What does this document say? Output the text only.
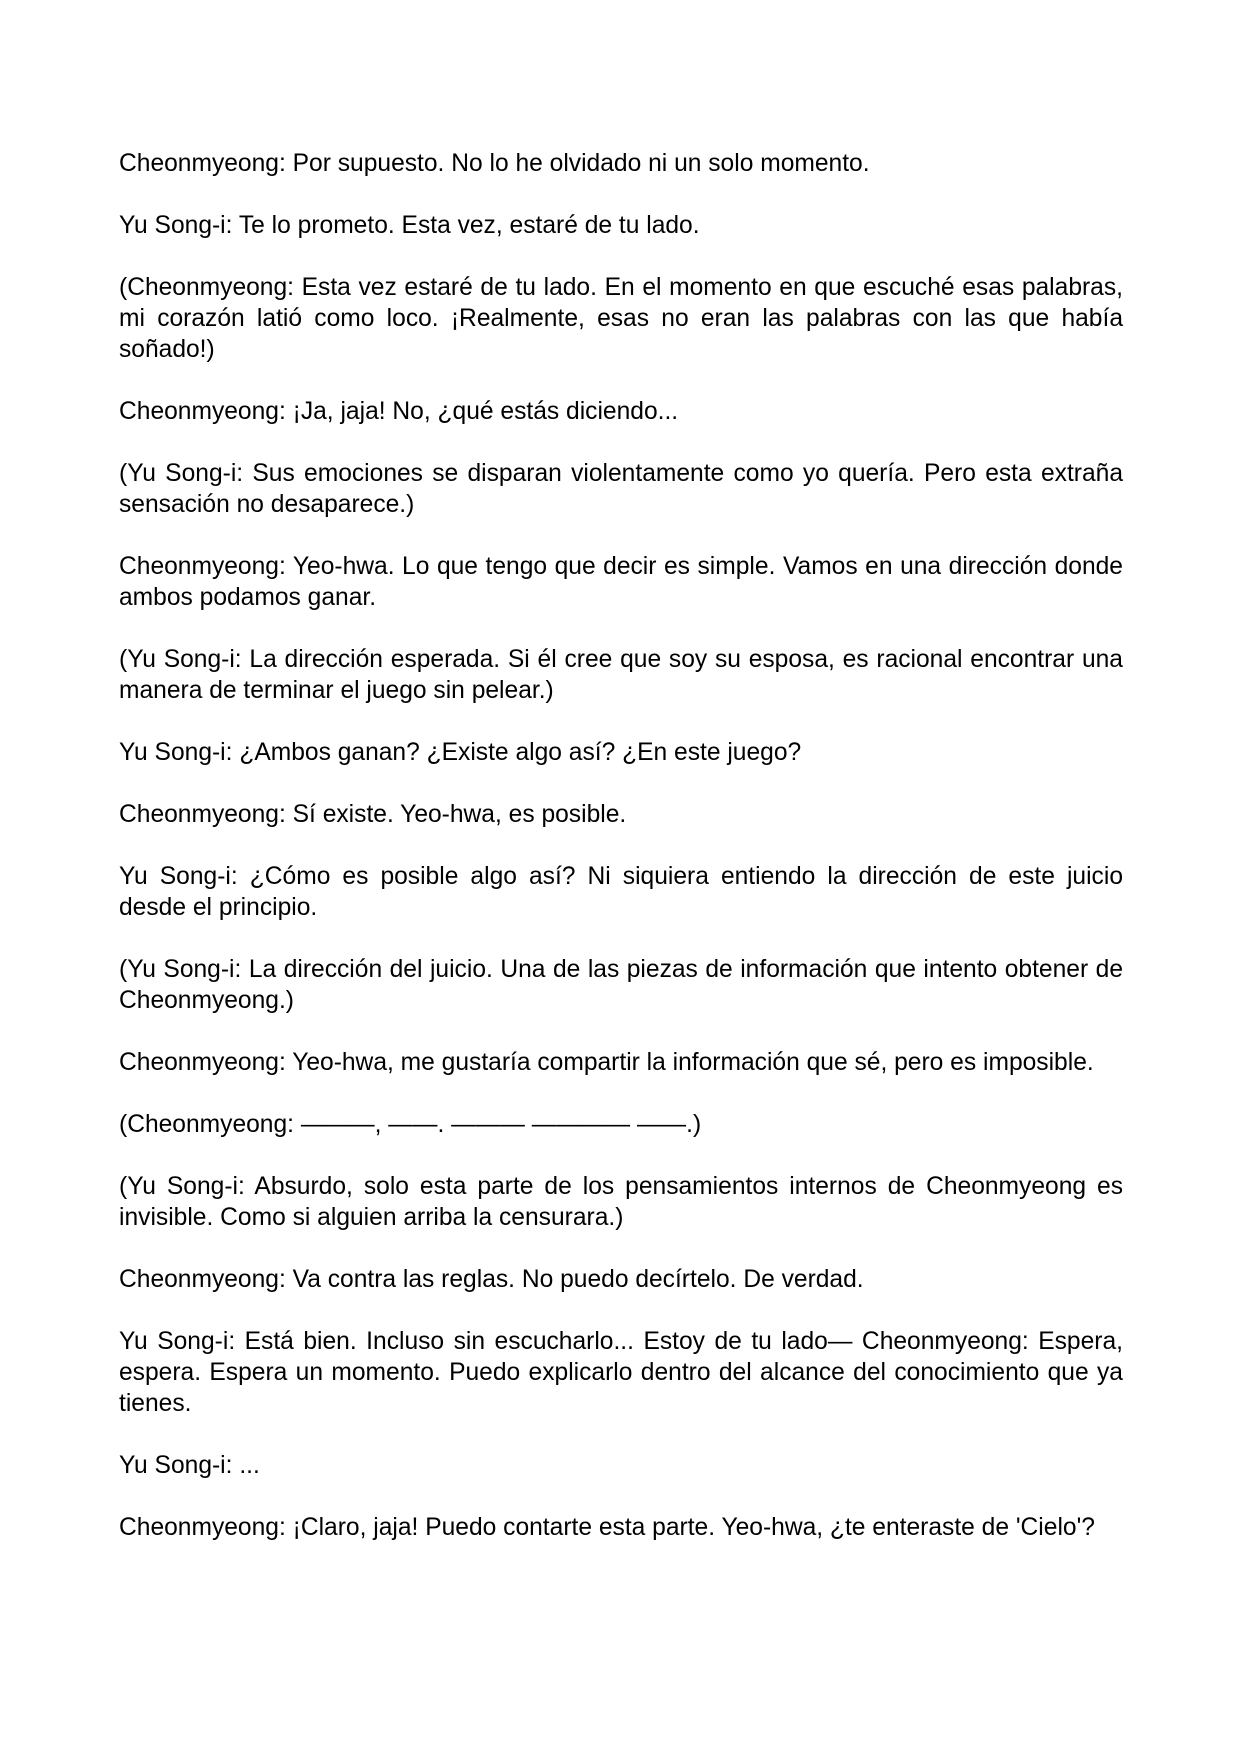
Cheonmyeong: Por supuesto. No lo he olvidado ni un solo momento.

Yu Song-i: Te lo prometo. Esta vez, estaré de tu lado.

(Cheonmyeong: Esta vez estaré de tu lado. En el momento en que escuché esas palabras, mi corazón latió como loco. ¡Realmente, esas no eran las palabras con las que había soñado!)

Cheonmyeong: ¡Ja, jaja! No, ¿qué estás diciendo...

(Yu Song-i: Sus emociones se disparan violentamente como yo quería. Pero esta extraña sensación no desaparece.)

Cheonmyeong: Yeo-hwa. Lo que tengo que decir es simple. Vamos en una dirección donde ambos podamos ganar.

(Yu Song-i: La dirección esperada. Si él cree que soy su esposa, es racional encontrar una manera de terminar el juego sin pelear.)

Yu Song-i: ¿Ambos ganan? ¿Existe algo así? ¿En este juego?

Cheonmyeong: Sí existe. Yeo-hwa, es posible.

Yu Song-i: ¿Cómo es posible algo así? Ni siquiera entiendo la dirección de este juicio desde el principio.

(Yu Song-i: La dirección del juicio. Una de las piezas de información que intento obtener de Cheonmyeong.)

Cheonmyeong: Yeo-hwa, me gustaría compartir la información que sé, pero es imposible.

(Cheonmyeong: ———, ——. ——— ———— ——.)

(Yu Song-i: Absurdo, solo esta parte de los pensamientos internos de Cheonmyeong es invisible. Como si alguien arriba la censurara.)

Cheonmyeong: Va contra las reglas. No puedo decírtelo. De verdad.

Yu Song-i: Está bien. Incluso sin escucharlo... Estoy de tu lado— Cheonmyeong: Espera, espera. Espera un momento. Puedo explicarlo dentro del alcance del conocimiento que ya tienes.

Yu Song-i: ...

Cheonmyeong: ¡Claro, jaja! Puedo contarte esta parte. Yeo-hwa, ¿te enteraste de 'Cielo'?
